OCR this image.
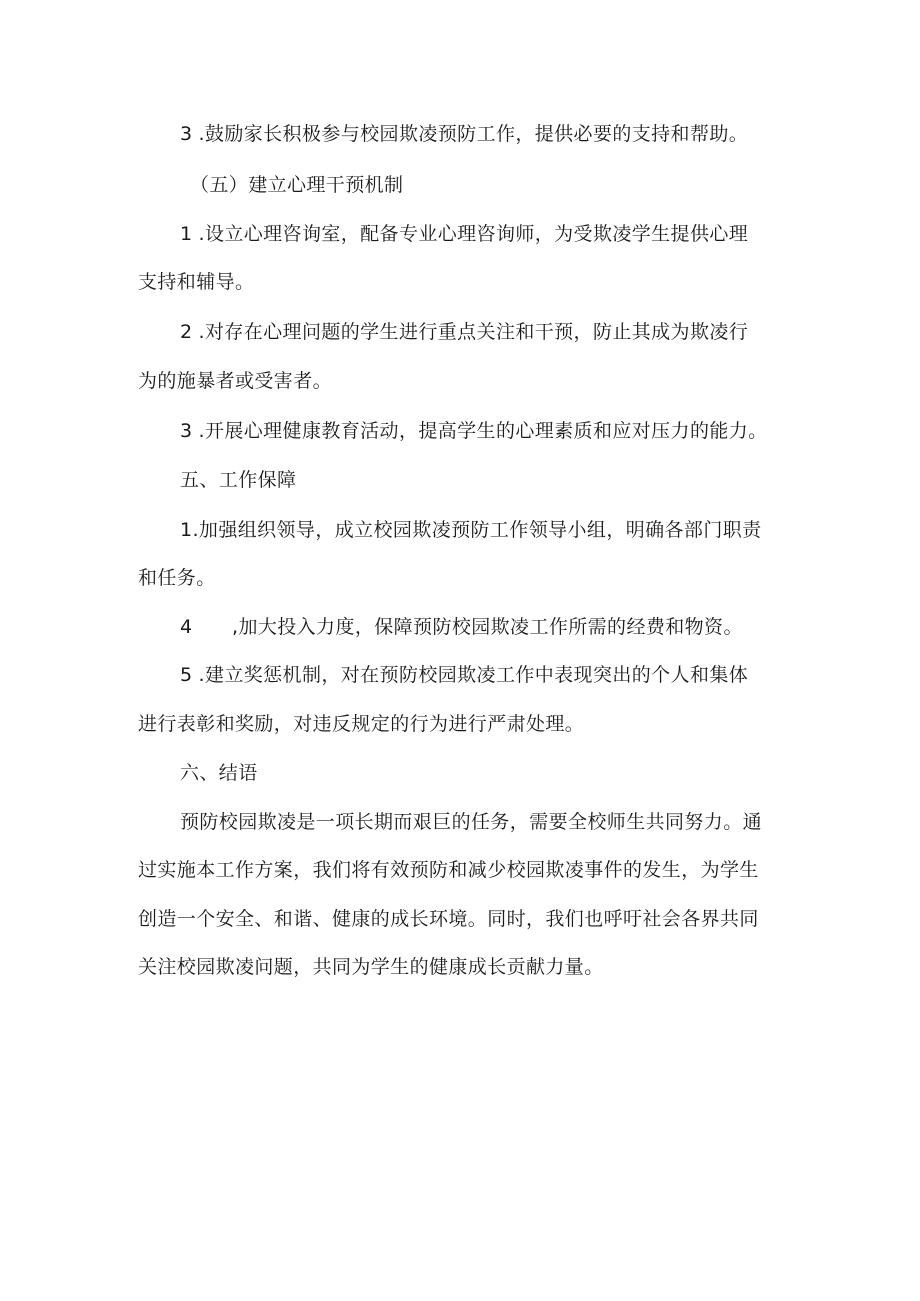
3 .鼓励家长积极参与校园欺凌预防工作，提供必要的支持和帮助。
（五）建立心理干预机制
1 .设立心理咨询室，配备专业心理咨询师，为受欺凌学生提供心理
支持和辅导。
2 .对存在心理问题的学生进行重点关注和干预，防止其成为欺凌行
为的施暴者或受害者。
3 .开展心理健康教育活动，提高学生的心理素质和应对压力的能力。
五、工作保障
1.加强组织领导，成立校园欺凌预防工作领导小组，明确各部门职责
和任务。
4 ,加大投入力度，保障预防校园欺凌工作所需的经费和物资。
5 .建立奖惩机制，对在预防校园欺凌工作中表现突出的个人和集体
进行表彰和奖励，对违反规定的行为进行严肃处理。
六、结语
预防校园欺凌是一项长期而艰巨的任务，需要全校师生共同努力。通
过实施本工作方案，我们将有效预防和减少校园欺凌事件的发生，为学生
创造一个安全、和谐、健康的成长环境。同时，我们也呼吁社会各界共同
关注校园欺凌问题，共同为学生的健康成长贡献力量。
